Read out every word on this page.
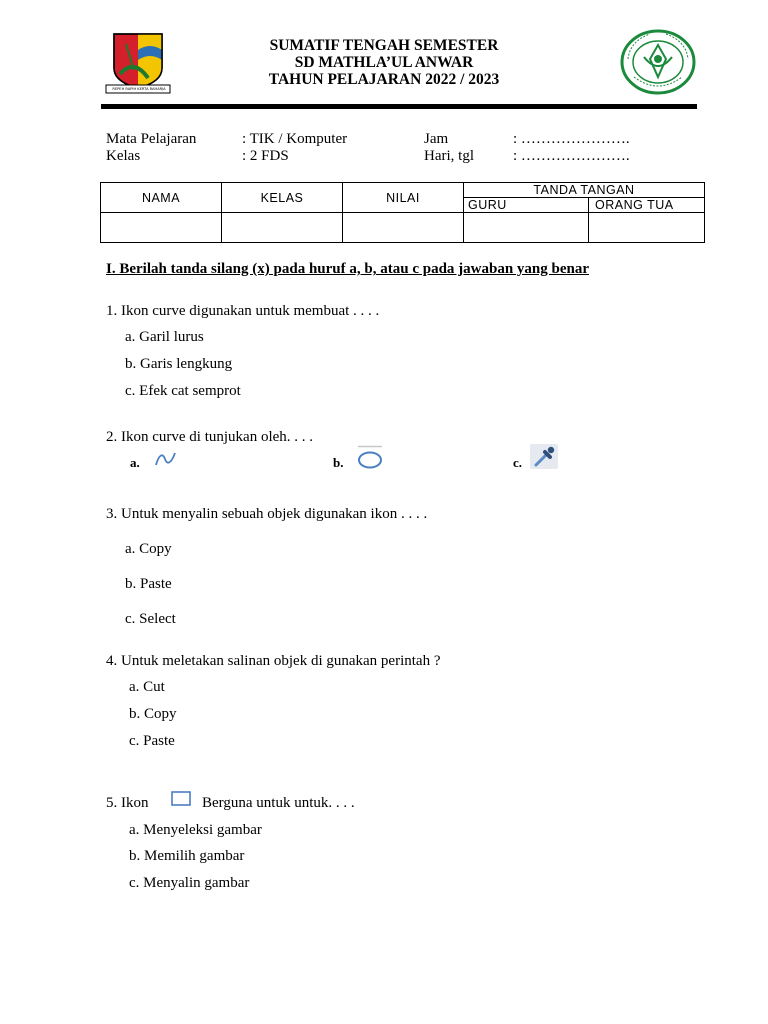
REPEH RAPIH KERTA RAHARJA
SUMATIF TENGAH SEMESTER
SD MATHLA’UL ANWAR
TAHUN PELAJARAN 2022 / 2023
Mata Pelajaran	: TIK / Komputer	Jam	: ………………….
Kelas	: 2 FDS	Hari, tgl	: ………………….
NAMA	KELAS	NILAI	TANDA TANGAN	
			GURU	ORANG TUA

I. Berilah tanda silang (x) pada huruf a, b, atau c pada jawaban yang benar
1. Ikon curve digunakan untuk membuat . . . .
a. Garil lurus
b. Garis lengkung
c. Efek cat semprot
2. Ikon curve di tunjukan oleh. . . .
a.	b.	c.
3. Untuk menyalin sebuah objek digunakan ikon . . . .
a. Copy
b. Paste
c. Select
4. Untuk meletakan salinan objek di gunakan perintah ?
a. Cut
b. Copy
c. Paste
5. Ikon	Berguna untuk untuk. . . .
a. Menyeleksi gambar
b. Memilih gambar
c. Menyalin gambar
